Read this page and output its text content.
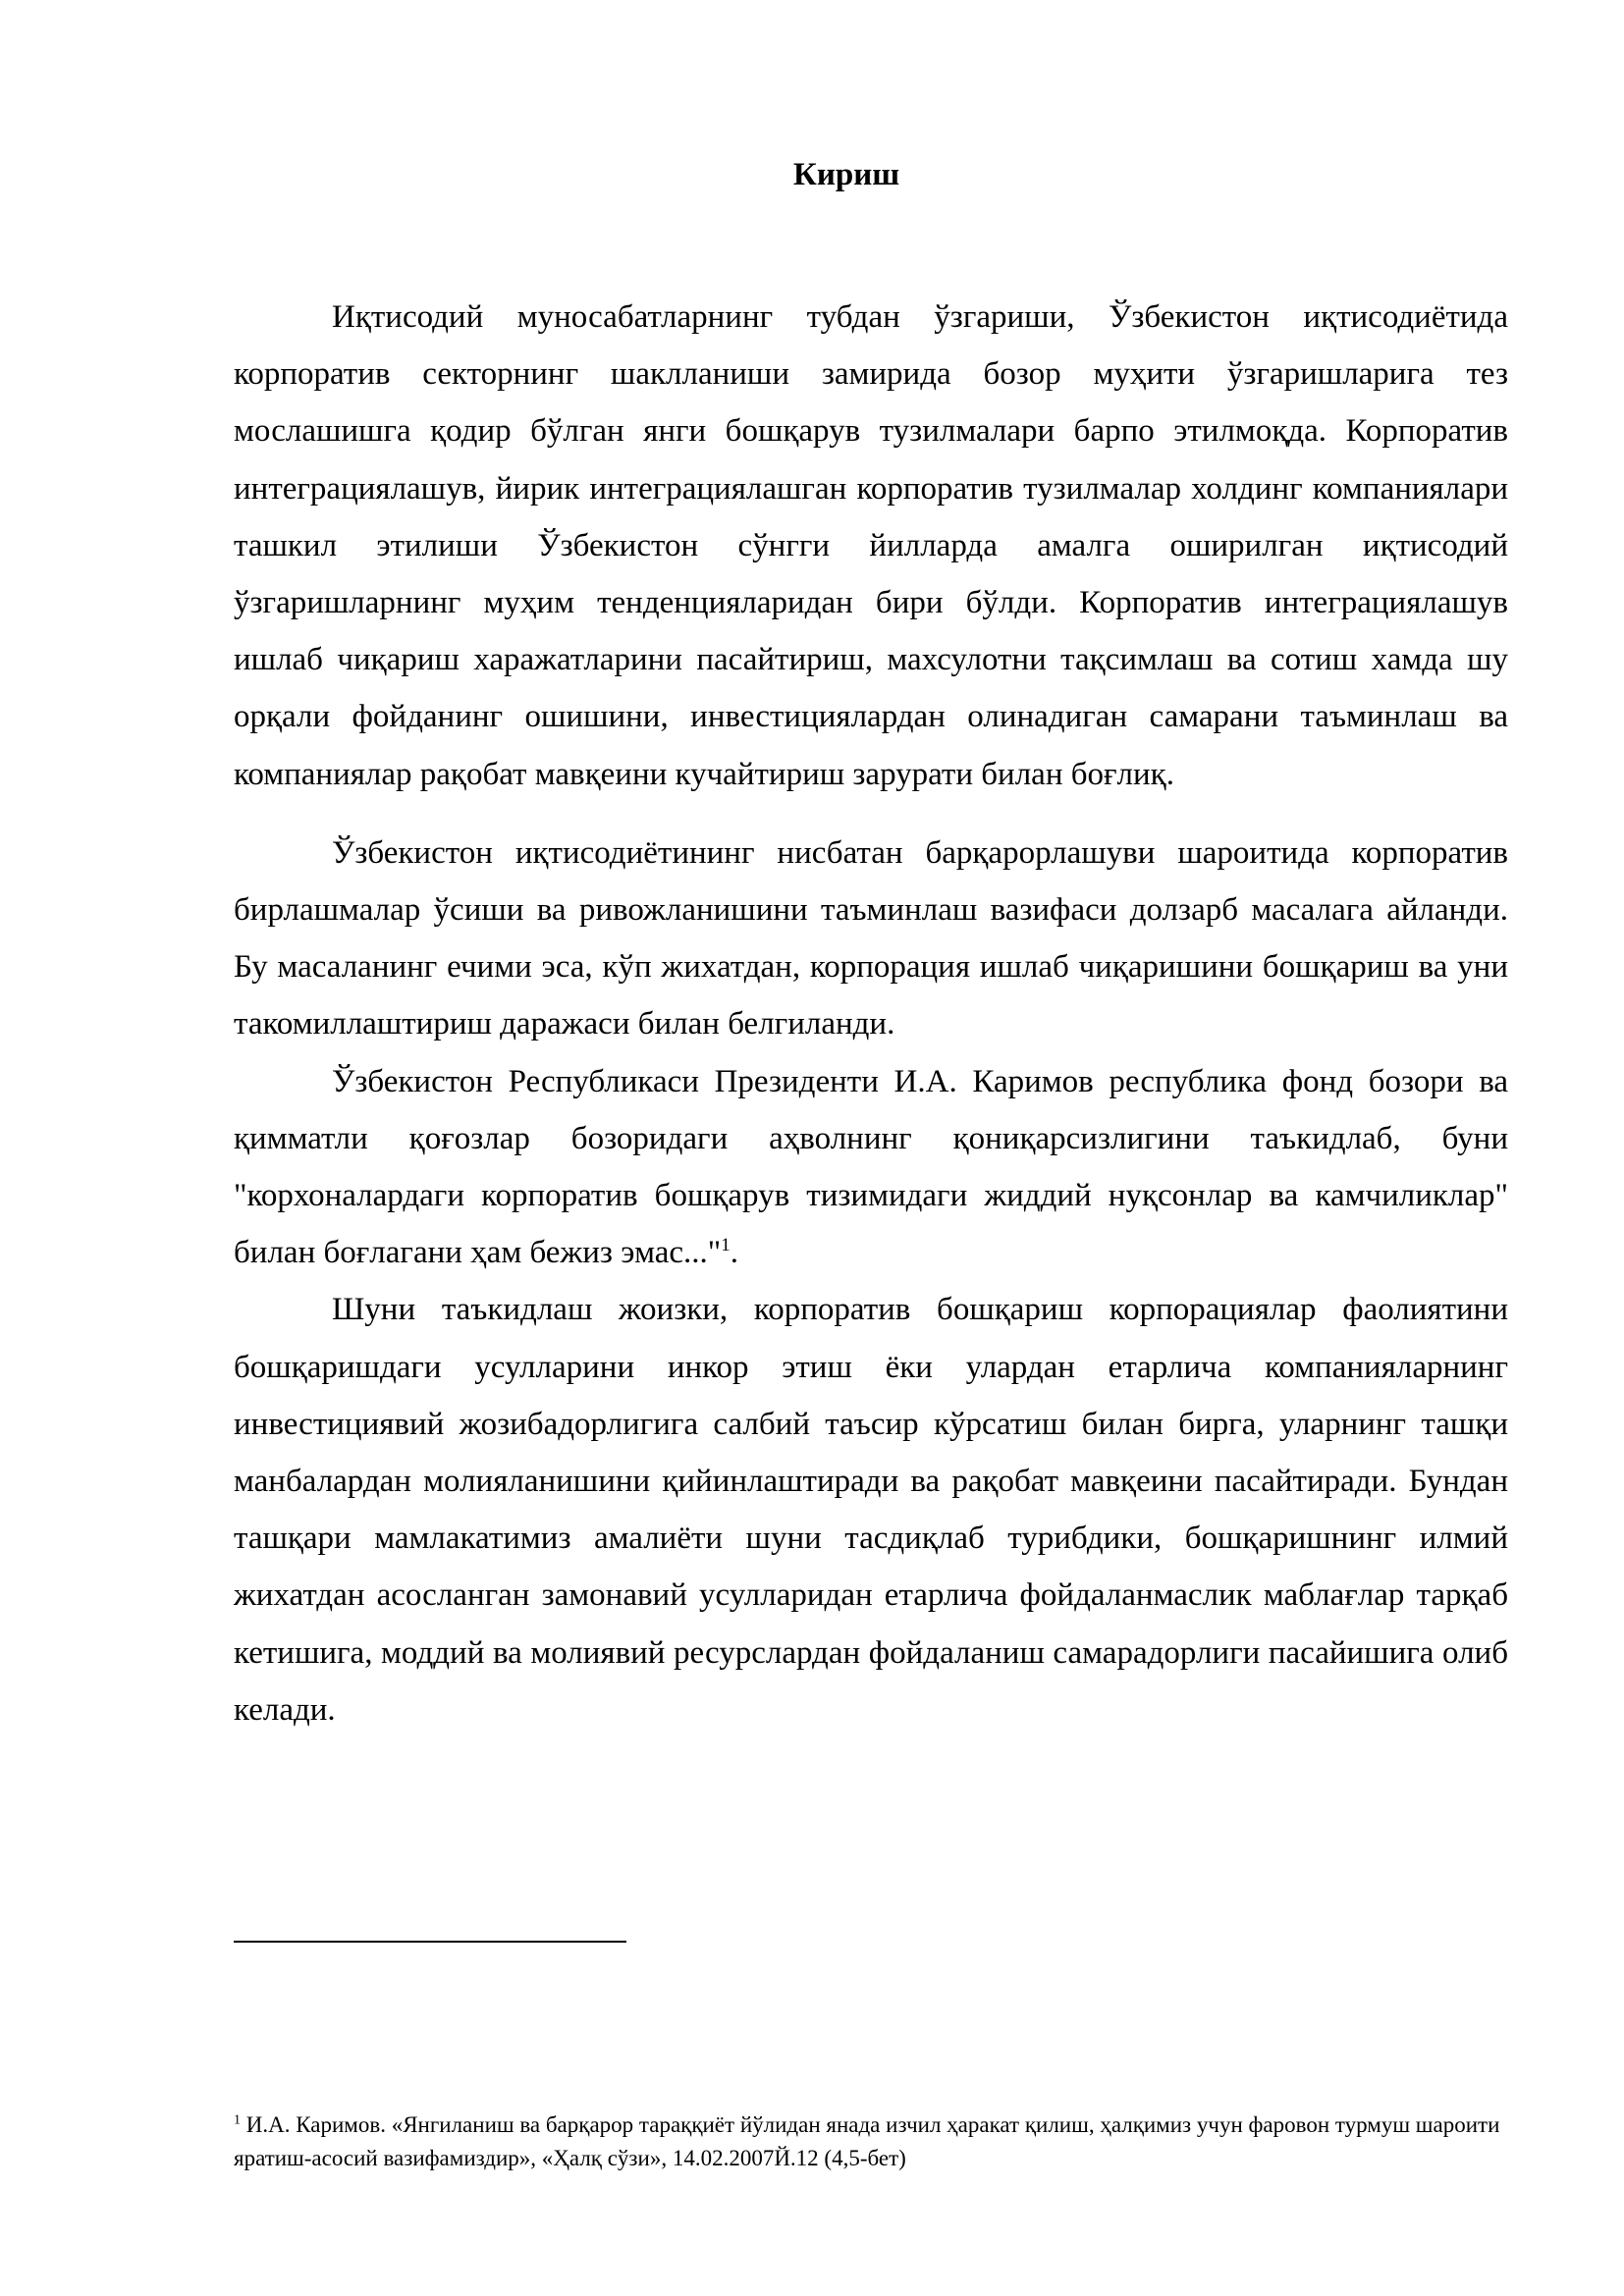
Кириш

Иқтисодий муносабатларнинг тубдан ўзгариши, Ўзбекистон иқтисодиётида корпоратив секторнинг шаклланиши замирида бозор муҳити ўзгаришларига тез мослашишга қодир бўлган янги бошқарув тузилмалари барпо этилмоқда. Корпоратив интеграциялашув, йирик интеграциялашган корпоратив тузилмалар холдинг компаниялари ташкил этилиши Ўзбекистон сўнгги йилларда амалга оширилган иқтисодий ўзгаришларнинг муҳим тенденцияларидан бири бўлди. Корпоратив интеграциялашув ишлаб чиқариш харажатларини пасайтириш, махсулотни тақсимлаш ва сотиш хамда шу орқали фойданинг ошишини, инвестициялардан олинадиган самарани таъминлаш ва компаниялар рақобат мавқеини кучайтириш зарурати билан боғлиқ.

Ўзбекистон иқтисодиётининг нисбатан барқарорлашуви шароитида корпоратив бирлашмалар ўсиши ва ривожланишини таъминлаш вазифаси долзарб масалага айланди. Бу масаланинг ечими эса, кўп жихатдан, корпорация ишлаб чиқаришини бошқариш ва уни такомиллаштириш даражаси билан белгиланди.

Ўзбекистон Республикаси Президенти И.А. Каримов республика фонд бозори ва қимматли қоғозлар бозоридаги аҳволнинг қониқарсизлигини таъкидлаб, буни "корхоналардаги корпоратив бошқарув тизимидаги жиддий нуқсонлар ва камчиликлар" билан боғлагани ҳам бежиз эмас..."$^1$.

Шуни таъкидлаш жоизки, корпоратив бошқариш корпорациялар фаолиятини бошқаришдаги усулларини инкор этиш ёки улардан етарлича компанияларнинг инвестициявий жозибадорлигига салбий таъсир кўрсатиш билан бирга, уларнинг ташқи манбалардан молияланишини қийинлаштиради ва рақобат мавқеини пасайтиради. Бундан ташқари мамлакатимиз амалиёти шуни тасдиқлаб турибдики, бошқаришнинг илмий жихатдан асосланган замонавий усулларидан етарлича фойдаланмаслик маблағлар тарқаб кетишига, моддий ва молиявий ресурслардан фойдаланиш самарадорлиги пасайишига олиб келади.

$^1$ И.А. Каримов. «Янгиланиш ва барқарор тараққиёт йўлидан янада изчил ҳаракат қилиш, ҳалқимиз учун фаровон турмуш шароити яратиш-асосий вазифамиздир», «Ҳалқ сўзи», 14.02.2007Й.12 (4,5-бет)
